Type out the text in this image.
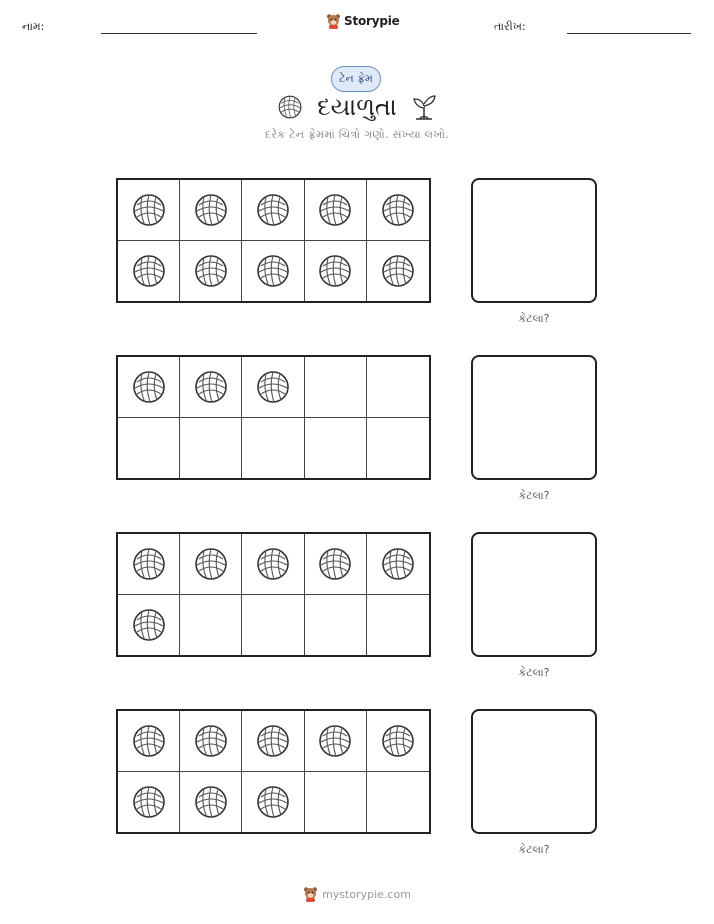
નામ:	Storypie	તારીખ:
ટેન ફ્રેમ
દયાળુતા
દરેક ટેન ફ્રેમમાં ચિત્રો ગણો. સંખ્યા લખો.
કેટલા?
કેટલા?
કેટલા?
કેટલા?
mystorypie.com
